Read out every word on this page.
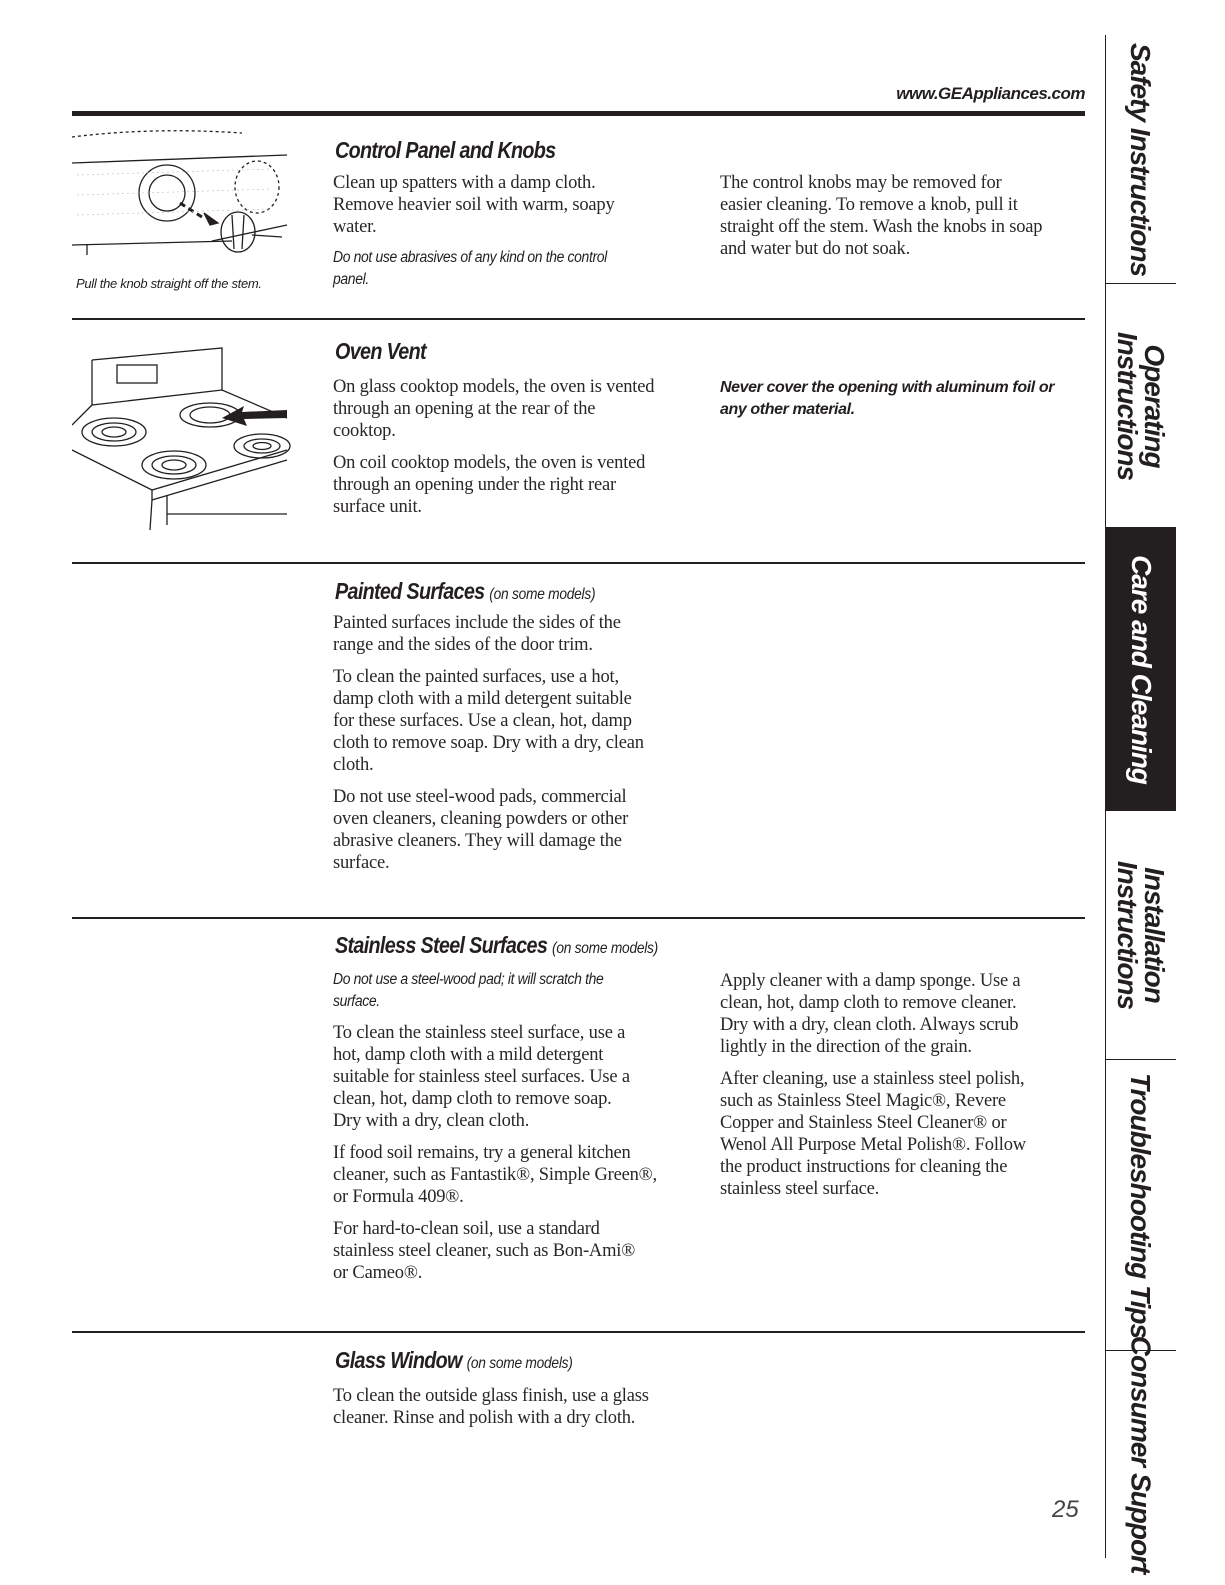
www.GEAppliances.com
Pull the knob straight off the stem.
Control Panel and Knobs
Clean up spatters with a damp cloth.
Remove heavier soil with warm, soapy
water.
Do not use abrasives of any kind on the control
panel.
The control knobs may be removed for
easier cleaning. To remove a knob, pull it
straight off the stem. Wash the knobs in soap
and water but do not soak.
Oven Vent

On glass cooktop models, the oven is vented
through an opening at the rear of the
cooktop.

On coil cooktop models, the oven is vented
through an opening under the right rear
surface unit.

Never cover the opening with aluminum foil or
any other material.
Painted Surfaces (on some models)

Painted surfaces include the sides of the
range and the sides of the door trim.

To clean the painted surfaces, use a hot,
damp cloth with a mild detergent suitable
for these surfaces. Use a clean, hot, damp
cloth to remove soap. Dry with a dry, clean
cloth.

Do not use steel-wood pads, commercial
oven cleaners, cleaning powders or other
abrasive cleaners. They will damage the
surface.

Stainless Steel Surfaces (on some models)
Do not use a steel-wood pad; it will scratch the
surface.

To clean the stainless steel surface, use a
hot, damp cloth with a mild detergent
suitable for stainless steel surfaces. Use a
clean, hot, damp cloth to remove soap.
Dry with a dry, clean cloth.

If food soil remains, try a general kitchen
cleaner, such as Fantastik®, Simple Green®,
or Formula 409®.

For hard-to-clean soil, use a standard
stainless steel cleaner, such as Bon-Ami®
or Cameo®.

Apply cleaner with a damp sponge. Use a
clean, hot, damp cloth to remove cleaner.
Dry with a dry, clean cloth. Always scrub
lightly in the direction of the grain.

After cleaning, use a stainless steel polish,
such as Stainless Steel Magic®, Revere
Copper and Stainless Steel Cleaner® or
Wenol All Purpose Metal Polish®. Follow
the product instructions for cleaning the
stainless steel surface.

Glass Window (on some models)
To clean the outside glass finish, use a glass
cleaner. Rinse and polish with a dry cloth.
25
Safety Instructions
Operating Instructions
Care and Cleaning
Installation Instructions
Troubleshooting Tips
Consumer Support
